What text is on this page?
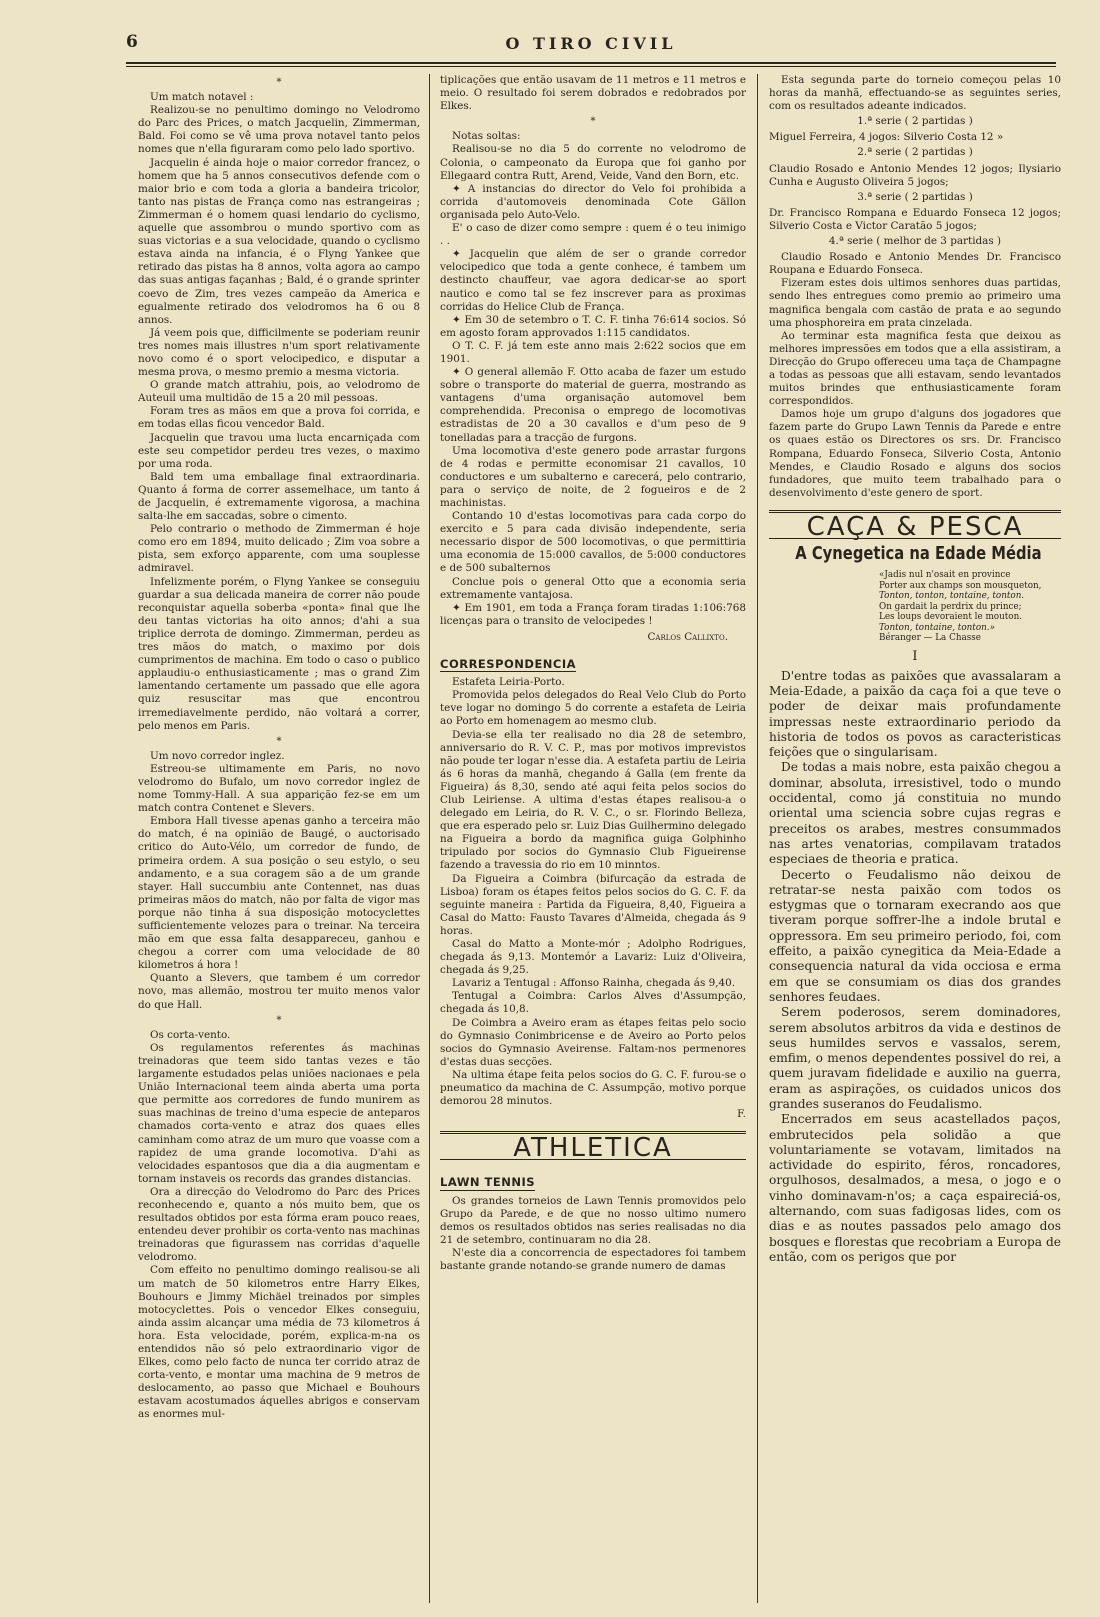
6	O TIRO CIVIL
*

Um match notavel :

Realizou-se no penultimo domingo no Velodromo do Parc des Prices, o match Jacquelin, Zimmerman, Bald. Foi como se vê uma prova notavel tanto pelos nomes que n'ella figuraram como pelo lado sportivo.

Jacquelin é ainda hoje o maior corredor francez, o homem que ha 5 annos consecutivos defende com o maior brio e com toda a gloria a bandeira tricolor, tanto nas pistas de França como nas estrangeiras ; Zimmerman é o homem quasi lendario do cyclismo, aquelle que assombrou o mundo sportivo com as suas victorias e a sua velocidade, quando o cyclismo estava ainda na infancia, é o Flyng Yankee que retirado das pistas ha 8 annos, volta agora ao campo das suas antigas façanhas ; Bald, é o grande sprinter coevo de Zim, tres vezes campeão da America e egualmente retirado dos velodromos ha 6 ou 8 annos.

Já veem pois que, difficilmente se poderiam reunir tres nomes mais illustres n'um sport relativamente novo como é o sport velocipedico, e disputar a mesma prova, o mesmo premio a mesma victoria.

O grande match attrahiu, pois, ao velodromo de Auteuil uma multidão de 15 a 20 mil pessoas.

Foram tres as mãos em que a prova foi corrida, e em todas ellas ficou vencedor Bald.

Jacquelin que travou uma lucta encarniçada com este seu competidor perdeu tres vezes, o maximo por uma roda.

Bald tem uma emballage final extraordinaria. Quanto á forma de correr assemelhace, um tanto á de Jacquelin, é extremamente vigorosa, a machina salta-lhe em saccadas, sobre o cimento.

Pelo contrario o methodo de Zimmerman é hoje como ero em 1894, muito delicado ; Zim voa sobre a pista, sem exforço apparente, com uma souplesse admiravel.

Infelizmente porém, o Flyng Yankee se conseguiu guardar a sua delicada maneira de correr não poude reconquistar aquella soberba «ponta» final que lhe deu tantas victorias ha oito annos; d'ahi a sua triplice derrota de domingo. Zimmerman, perdeu as tres mãos do match, o maximo por dois cumprimentos de machina. Em todo o caso o publico applaudiu-o enthusiasticamente ; mas o grand Zim lamentando certamente um passado que elle agora quiz resuscitar mas que encontrou irremediavelmente perdido, não voltará a correr, pelo menos em Paris.

*

Um novo corredor inglez.

Estreou-se ultimamente em Paris, no novo velodromo do Bufalo, um novo corredor inglez de nome Tommy-Hall. A sua apparição fez-se em um match contra Contenet e Slevers.

Embora Hall tivesse apenas ganho a terceira mão do match, é na opinião de Baugé, o auctorisado critico do Auto-Vélo, um corredor de fundo, de primeira ordem. A sua posição o seu estylo, o seu andamento, e a sua coragem são a de um grande stayer. Hall succumbiu ante Contennet, nas duas primeiras mãos do match, não por falta de vigor mas porque não tinha á sua disposição motocyclettes sufficientemente velozes para o treinar. Na terceira mão em que essa falta desappareceu, ganhou e chegou a correr com uma velocidade de 80 kilometros á hora !

Quanto a Slevers, que tambem é um corredor novo, mas allemão, mostrou ter muito menos valor do que Hall.

*

Os corta-vento.

Os regulamentos referentes ás machinas treinadoras que teem sido tantas vezes e tão largamente estudados pelas uniões nacionaes e pela União Internacional teem ainda aberta uma porta que permitte aos corredores de fundo munirem as suas machinas de treino d'uma especie de anteparos chamados corta-vento e atraz dos quaes elles caminham como atraz de um muro que voasse com a rapidez de uma grande locomotiva. D'ahi as velocidades espantosos que dia a dia augmentam e tornam instaveis os records das grandes distancias.

Ora a direcção do Velodromo do Parc des Prices reconhecendo e, quanto a nós muito bem, que os resultados obtidos por esta fórma eram pouco reaes, entendeu dever prohibir os corta-vento nas machinas treinadoras que figurassem nas corridas d'aquelle velodromo.

Com effeito no penultimo domingo realisou-se ali um match de 50 kilometros entre Harry Elkes, Bouhours e Jimmy Michäel treinados por simples motocyclettes. Pois o vencedor Elkes conseguiu, ainda assim alcançar uma média de 73 kilometros á hora. Esta velocidade, porém, explica-m-na os entendidos não só pelo extraordinario vigor de Elkes, como pelo facto de nunca ter corrido atraz de corta-vento, e montar uma machina de 9 metros de deslocamento, ao passo que Michael e Bouhours estavam acostumados áquelles abrigos e conservam as enormes mul-

tiplicações que então usavam de 11 metros e 11 metros e meio. O resultado foi serem dobrados e redobrados por Elkes.

*

Notas soltas:

Realisou-se no dia 5 do corrente no velodromo de Colonia, o campeonato da Europa que foi ganho por Ellegaard contra Rutt, Arend, Veide, Vand den Born, etc.

✦ A instancias do director do Velo foi prohibida a corrida d'automoveis denominada Cote Gällon organisada pelo Auto-Velo.

E' o caso de dizer como sempre : quem é o teu inimigo . .

✦ Jacquelin que além de ser o grande corredor velocipedico que toda a gente conhece, é tambem um destincto chauffeur, vae agora dedicar-se ao sport nautico e como tal se fez inscrever para as proximas corridas do Helice Club de França.

✦ Em 30 de setembro o T. C. F. tinha 76:614 socios. Só em agosto foram approvados 1:115 candidatos.

O T. C. F. já tem este anno mais 2:622 socios que em 1901.

✦ O general allemão F. Otto acaba de fazer um estudo sobre o transporte do material de guerra, mostrando as vantagens d'uma organisação automovel bem comprehendida. Preconisa o emprego de locomotivas estradistas de 20 a 30 cavallos e d'um peso de 9 tonelladas para a tracção de furgons.

Uma locomotiva d'este genero pode arrastar furgons de 4 rodas e permitte economisar 21 cavallos, 10 conductores e um subalterno e carecerá, pelo contrario, para o serviço de noite, de 2 fogueiros e de 2 machinistas.

Contando 10 d'estas locomotivas para cada corpo do exercito e 5 para cada divisão independente, seria necessario dispor de 500 locomotivas, o que permittiria uma economia de 15:000 cavallos, de 5:000 conductores e de 500 subalternos

Conclue pois o general Otto que a economia seria extremamente vantajosa.

✦ Em 1901, em toda a França foram tiradas 1:106:768 licenças para o transito de velocipedes !

Carlos Callixto.
CORRESPONDENCIA

Estafeta Leiria-Porto.

Promovida pelos delegados do Real Velo Club do Porto teve logar no domingo 5 do corrente a estafeta de Leiria ao Porto em homenagem ao mesmo club.

Devia-se ella ter realisado no dia 28 de setembro, anniversario do R. V. C. P., mas por motivos imprevistos não poude ter logar n'esse dia. A estafeta partiu de Leiria ás 6 horas da manhã, chegando á Galla (em frente da Figueira) ás 8,30, sendo até aqui feita pelos socios do Club Leiriense. A ultima d'estas étapes realisou-a o delegado em Leiria, do R. V. C., o sr. Florindo Belleza, que era esperado pelo sr. Luiz Dias Guilhermino delegado na Figueira a bordo da magnifica guiga Golphinho tripulado por socios do Gymnasio Club Figueirense fazendo a travessia do rio em 10 minntos.

Da Figueira a Coimbra (bifurcação da estrada de Lisboa) foram os étapes feitos pelos socios do G. C. F. da seguinte maneira : Partida da Figueira, 8,40, Figueira a Casal do Matto: Fausto Tavares d'Almeida, chegada ás 9 horas.

Casal do Matto a Monte-mór ; Adolpho Rodrigues, chegada ás 9,13. Montemór a Lavariz: Luiz d'Oliveira, chegada ás 9,25.

Lavariz a Tentugal : Affonso Rainha, chegada ás 9,40.

Tentugal a Coimbra: Carlos Alves d'Assumpção, chegada ás 10,8.

De Coimbra a Aveiro eram as étapes feitas pelo socio do Gymnasio Conimbricense e de Aveiro ao Porto pelos socios do Gymnasio Aveirense. Faltam-nos permenores d'estas duas secções.

Na ultima étape feita pelos socios do G. C. F. furou-se o pneumatico da machina de C. Assumpção, motivo porque demorou 28 minutos.

F.

ATHLETICA
LAWN TENNIS

Os grandes torneios de Lawn Tennis promovidos pelo Grupo da Parede, e de que no nosso ultimo numero demos os resultados obtidos nas series realisadas no dia 21 de setembro, continuaram no dia 28.

N'este dia a concorrencia de espectadores foi tambem bastante grande notando-se grande numero de damas

Esta segunda parte do torneio começou pelas 10 horas da manhã, effectuando-se as seguintes series, com os resultados adeante indicados.

1.ª serie ( 2 partidas )

Miguel Ferreira, 4 jogos: Silverio Costa 12 »

2.ª serie ( 2 partidas )

Claudio Rosado e Antonio Mendes 12 jogos; Ilysiario Cunha e Augusto Oliveira 5 jogos;

3.ª serie ( 2 partidas )

Dr. Francisco Rompana e Eduardo Fonseca 12 jogos; Silverio Costa e Victor Caratão 5 jogos;

4.ª serie ( melhor de 3 partidas )

Claudio Rosado e Antonio Mendes Dr. Francisco Roupana e Eduardo Fonseca.

Fizeram estes dois ultimos senhores duas partidas, sendo lhes entregues como premio ao primeiro uma magnifica bengala com castão de prata e ao segundo uma phosphoreira em prata cinzelada.

Ao terminar esta magnifica festa que deixou as melhores impressões em todos que a ella assistiram, a Direcção do Grupo offereceu uma taça de Champagne a todas as pessoas que alli estavam, sendo levantados muitos brindes que enthusiasticamente foram correspondidos.

Damos hoje um grupo d'alguns dos jogadores que fazem parte do Grupo Lawn Tennis da Parede e entre os quaes estão os Directores os srs. Dr. Francisco Rompana, Eduardo Fonseca, Silverio Costa, Antonio Mendes, e Claudio Rosado e alguns dos socios fundadores, que muito teem trabalhado para o desenvolvimento d'este genero de sport.

CAÇA & PESCA
A Cynegetica na Edade Média
«Jadis nul n'osait en province
Porter aux champs son mousqueton,
Tonton, tonton, tontaine, tonton.
On gardait la perdrix du prince;
Les loups devoraient le mouton.
Tonton, tontaine, tonton.»
Béranger — La Chasse
I

D'entre todas as paixões que avassalaram a Meia-Edade, a paixão da caça foi a que teve o poder de deixar mais profundamente impressas neste extraordinario periodo da historia de todos os povos as caracteristicas feições que o singularisam.

De todas a mais nobre, esta paixão chegou a dominar, absoluta, irresistivel, todo o mundo occidental, como já constituia no mundo oriental uma sciencia sobre cujas regras e preceitos os arabes, mestres consummados nas artes venatorias, compilavam tratados especiaes de theoria e pratica.

Decerto o Feudalismo não deixou de retratar-se nesta paixão com todos os estygmas que o tornaram execrando aos que tiveram porque soffrer-lhe a indole brutal e oppressora. Em seu primeiro periodo, foi, com effeito, a paixão cynegitica da Meia-Edade a consequencia natural da vida occiosa e erma em que se consumiam os dias dos grandes senhores feudaes.

Serem poderosos, serem dominadores, serem absolutos arbitros da vida e destinos de seus humildes servos e vassalos, serem, emfim, o menos dependentes possivel do rei, a quem juravam fidelidade e auxilio na guerra, eram as aspirações, os cuidados unicos dos grandes suseranos do Feudalismo.

Encerrados em seus acastellados paços, embrutecidos pela solidão a que voluntariamente se votavam, limitados na actividade do espirito, féros, roncadores, orgulhosos, desalmados, a mesa, o jogo e o vinho dominavam-n'os; a caça espaireciá-os, alternando, com suas fadigosas lides, com os dias e as noutes passados pelo amago dos bosques e florestas que recobriam a Europa de então, com os perigos que por
